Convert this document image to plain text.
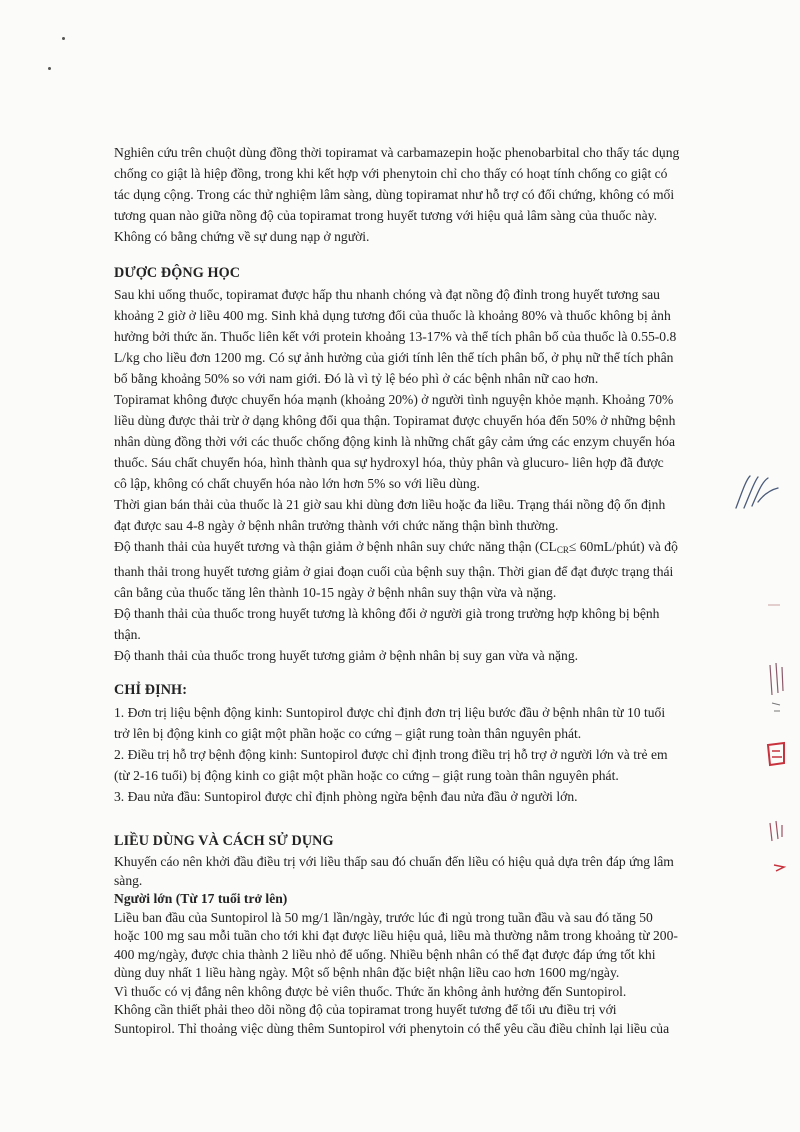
Nghiên cứu trên chuột dùng đồng thời topiramat và carbamazepin hoặc phenobarbital cho thấy tác dụng

chống co giật là hiệp đồng, trong khi kết hợp với phenytoin chỉ cho thấy có hoạt tính chống co giật có

tác dụng cộng. Trong các thử nghiệm lâm sàng, dùng topiramat như hỗ trợ có đối chứng, không có mối

tương quan nào giữa nồng độ của topiramat trong huyết tương với hiệu quả lâm sàng của thuốc này.

Không có bằng chứng về sự dung nạp ở người.

DƯỢC ĐỘNG HỌC

Sau khi uống thuốc, topiramat được hấp thu nhanh chóng và đạt nồng độ đỉnh trong huyết tương sau

khoảng 2 giờ ở liều 400 mg. Sinh khả dụng tương đối của thuốc là khoảng 80% và thuốc không bị ảnh

hưởng bởi thức ăn. Thuốc liên kết với protein khoảng 13-17% và thể tích phân bố của thuốc là 0.55-0.8

L/kg cho liều đơn 1200 mg. Có sự ảnh hưởng của giới tính lên thể tích phân bố, ở phụ nữ thể tích phân

bố bằng khoảng 50% so với nam giới. Đó là vì tỷ lệ béo phì ở các bệnh nhân nữ cao hơn.

Topiramat không được chuyển hóa mạnh (khoảng 20%) ở người tình nguyện khỏe mạnh. Khoảng 70%

liều dùng được thải trừ ở dạng không đổi qua thận. Topiramat được chuyển hóa đến 50% ở những bệnh

nhân dùng đồng thời với các thuốc chống động kinh là những chất gây cảm ứng các enzym chuyển hóa

thuốc. Sáu chất chuyển hóa, hình thành qua sự hydroxyl hóa, thủy phân và glucuro- liên hợp đã được

cô lập, không có chất chuyển hóa nào lớn hơn 5% so với liều dùng.

Thời gian bán thải của thuốc là 21 giờ sau khi dùng đơn liều hoặc đa liều. Trạng thái nồng độ ổn định

đạt được sau 4-8 ngày ở bệnh nhân trưởng thành với chức năng thận bình thường.

Độ thanh thải của huyết tương và thận giảm ở bệnh nhân suy chức năng thận ($CL_{CR}\le$ 60mL/phút) và độ

thanh thải trong huyết tương giảm ở giai đoạn cuối của bệnh suy thận. Thời gian để đạt được trạng thái

cân bằng của thuốc tăng lên thành 10-15 ngày ở bệnh nhân suy thận vừa và nặng.

Độ thanh thải của thuốc trong huyết tương là không đổi ở người già trong trường hợp không bị bệnh

thận.

Độ thanh thải của thuốc trong huyết tương giảm ở bệnh nhân bị suy gan vừa và nặng.

CHỈ ĐỊNH:

1. Đơn trị liệu bệnh động kinh: Suntopirol được chỉ định đơn trị liệu bước đầu ở bệnh nhân từ 10 tuổi

trở lên bị động kinh co giật một phần hoặc co cứng – giật rung toàn thân nguyên phát.

2. Điều trị hỗ trợ bệnh động kinh: Suntopirol được chỉ định trong điều trị hỗ trợ ở người lớn và trẻ em

(từ 2-16 tuổi) bị động kinh co giật một phần hoặc co cứng – giật rung toàn thân nguyên phát.

3. Đau nửa đầu: Suntopirol được chỉ định phòng ngừa bệnh đau nửa đầu ở người lớn.

LIỀU DÙNG VÀ CÁCH SỬ DỤNG

Khuyến cáo nên khởi đầu điều trị với liều thấp sau đó chuẩn đến liều có hiệu quả dựa trên đáp ứng lâm

sàng.

Người lớn (Từ 17 tuổi trở lên)

Liều ban đầu của Suntopirol là 50 mg/1 lần/ngày, trước lúc đi ngủ trong tuần đầu và sau đó tăng 50

hoặc 100 mg sau mỗi tuần cho tới khi đạt được liều hiệu quả, liều mà thường nằm trong khoảng từ 200-

400 mg/ngày, được chia thành 2 liều nhỏ để uống. Nhiều bệnh nhân có thể đạt được đáp ứng tốt khi

dùng duy nhất 1 liều hàng ngày. Một số bệnh nhân đặc biệt nhận liều cao hơn 1600 mg/ngày.

Vì thuốc có vị đắng nên không được bẻ viên thuốc. Thức ăn không ảnh hưởng đến Suntopirol.

Không cần thiết phải theo dõi nồng độ của topiramat trong huyết tương để tối ưu điều trị với

Suntopirol. Thỉ thoảng việc dùng thêm Suntopirol với phenytoin có thể yêu cầu điều chỉnh lại liều của
